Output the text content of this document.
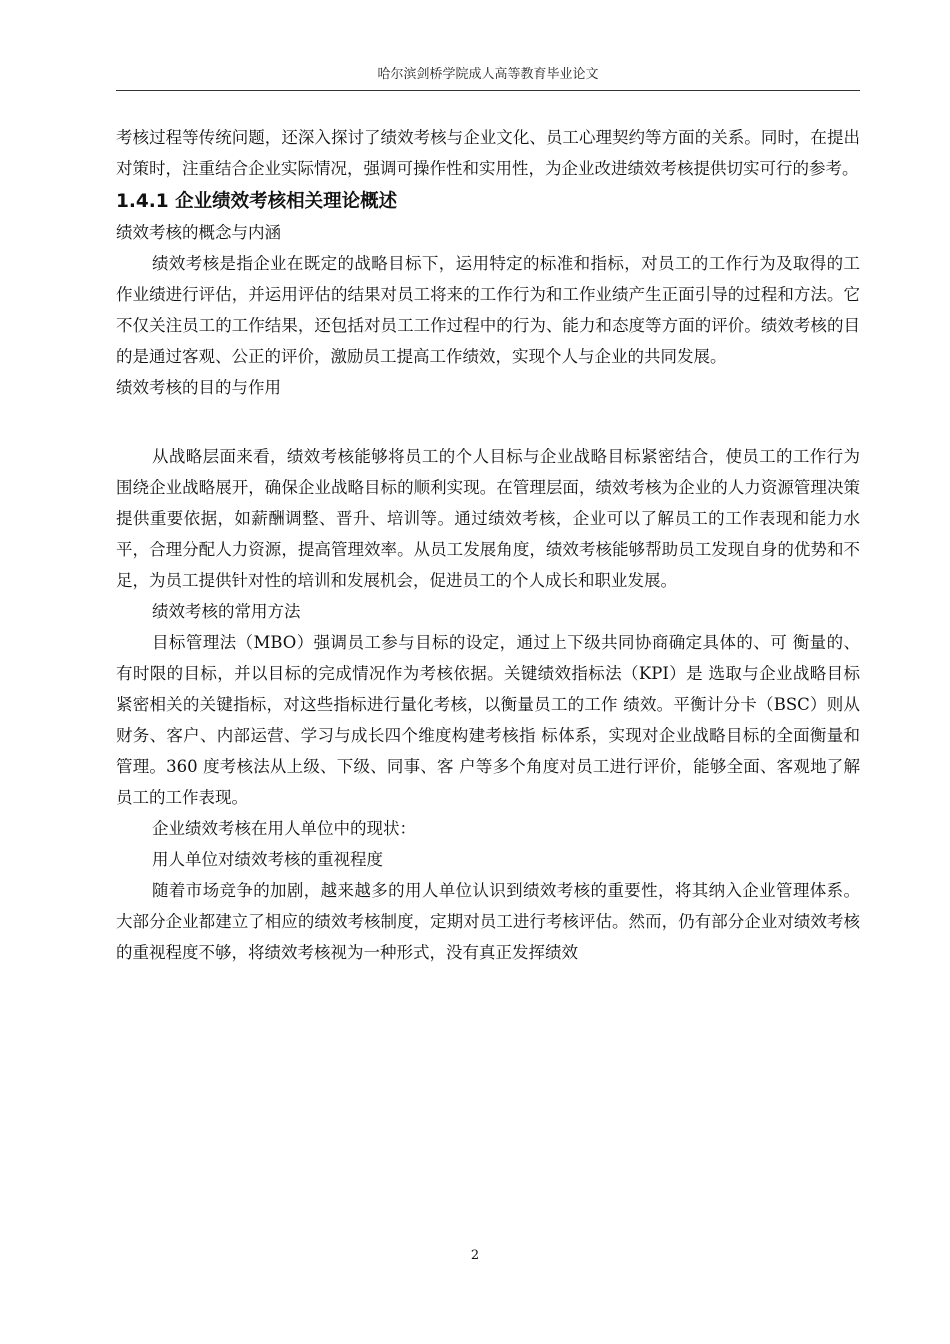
哈尔滨剑桥学院成人高等教育毕业论文

考核过程等传统问题，还深入探讨了绩效考核与企业文化、员工心理契约等方面的关系。同时，在提出对策时，注重结合企业实际情况，强调可操作性和实用性，为企业改进绩效考核提供切实可行的参考。

1.4.1 企业绩效考核相关理论概述

绩效考核的概念与内涵

绩效考核是指企业在既定的战略目标下，运用特定的标准和指标，对员工的工作行为及取得的工作业绩进行评估，并运用评估的结果对员工将来的工作行为和工作业绩产生正面引导的过程和方法。它不仅关注员工的工作结果，还包括对员工工作过程中的行为、能力和态度等方面的评价。绩效考核的目的是通过客观、公正的评价，激励员工提高工作绩效，实现个人与企业的共同发展。

绩效考核的目的与作用

从战略层面来看，绩效考核能够将员工的个人目标与企业战略目标紧密结合，使员工的工作行为围绕企业战略展开，确保企业战略目标的顺利实现。在管理层面，绩效考核为企业的人力资源管理决策提供重要依据，如薪酬调整、晋升、培训等。通过绩效考核，企业可以了解员工的工作表现和能力水平，合理分配人力资源，提高管理效率。从员工发展角度，绩效考核能够帮助员工发现自身的优势和不足，为员工提供针对性的培训和发展机会，促进员工的个人成长和职业发展。

绩效考核的常用方法

目标管理法（MBO）强调员工参与目标的设定，通过上下级共同协商确定具体的、可 衡量的、有时限的目标，并以目标的完成情况作为考核依据。关键绩效指标法（KPI）是 选取与企业战略目标紧密相关的关键指标，对这些指标进行量化考核，以衡量员工的工作 绩效。平衡计分卡（BSC）则从财务、客户、内部运营、学习与成长四个维度构建考核指 标体系，实现对企业战略目标的全面衡量和管理。360 度考核法从上级、下级、同事、客 户等多个角度对员工进行评价，能够全面、客观地了解员工的工作表现。

企业绩效考核在用人单位中的现状：

用人单位对绩效考核的重视程度

随着市场竞争的加剧，越来越多的用人单位认识到绩效考核的重要性，将其纳入企业管理体系。大部分企业都建立了相应的绩效考核制度，定期对员工进行考核评估。然而，仍有部分企业对绩效考核的重视程度不够，将绩效考核视为一种形式，没有真正发挥绩效

2
